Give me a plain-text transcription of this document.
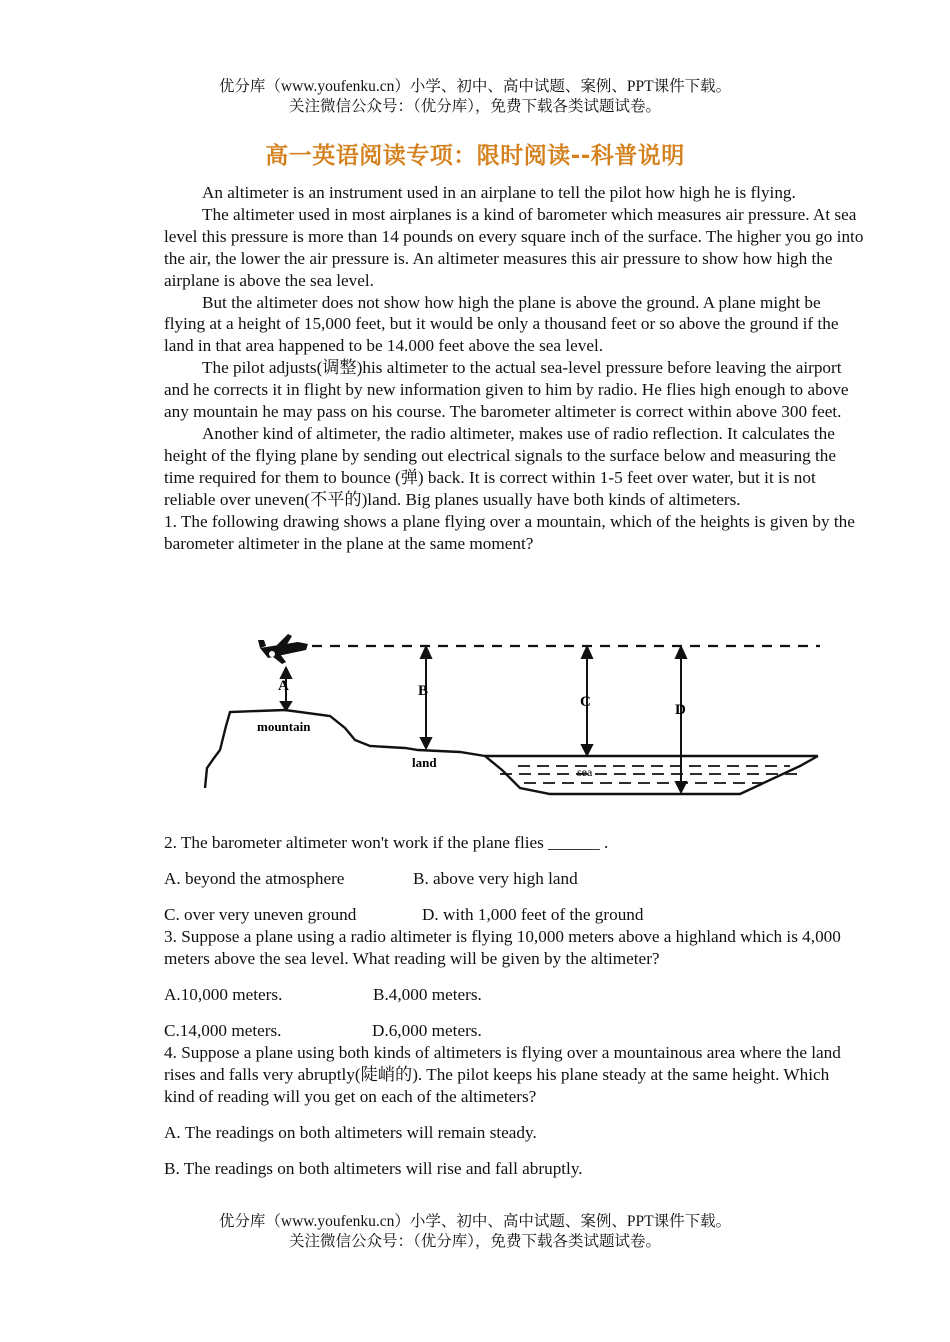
优分库（www.youfenku.cn）小学、初中、高中试题、案例、PPT课件下载。
关注微信公众号：（优分库），免费下载各类试题试卷。
高一英语阅读专项：限时阅读--科普说明

An altimeter is an instrument used in an airplane to tell the pilot how high he is flying.

The altimeter used in most airplanes is a kind of barometer which measures air pressure. At sea level this pressure is more than 14 pounds on every square inch of the surface. The higher you go into the air, the lower the air pressure is. An altimeter measures this air pressure to show how high the airplane is above the sea level.

But the altimeter does not show how high the plane is above the ground. A plane might be flying at a height of 15,000 feet, but it would be only a thousand feet or so above the ground if the land in that area happened to be 14.000 feet above the sea level.

The pilot adjusts(调整)his altimeter to the actual sea-level pressure before leaving the airport and he corrects it in flight by new information given to him by radio. He flies high enough to above any mountain he may pass on his course. The barometer altimeter is correct within above 300 feet.

Another kind of altimeter, the radio altimeter, makes use of radio reflection. It calculates the height of the flying plane by sending out electrical signals to the surface below and measuring the time required for them to bounce (弹) back. It is correct within 1-5 feet over water, but it is not reliable over uneven(不平的)land. Big planes usually have both kinds of altimeters.

1. The following drawing shows a plane flying over a mountain, which of the heights is given by the barometer altimeter in the plane at the same moment?

A	B
C	D
mountain
land
sea
2. The barometer altimeter won't work if the plane flies ______ .
A. beyond the atmosphere	B. above very high land
C. over very uneven ground	D. with 1,000 feet of the ground
3. Suppose a plane using a radio altimeter is flying 10,000 meters above a highland which is 4,000 meters above the sea level. What reading will be given by the altimeter?
A.10,000 meters.	B.4,000 meters.
C.14,000 meters.	D.6,000 meters.
4. Suppose a plane using both kinds of altimeters is flying over a mountainous area where the land rises and falls very abruptly(陡峭的). The pilot keeps his plane steady at the same height. Which kind of reading will you get on each of the altimeters?
A. The readings on both altimeters will remain steady.
B. The readings on both altimeters will rise and fall abruptly.
优分库（www.youfenku.cn）小学、初中、高中试题、案例、PPT课件下载。
关注微信公众号：（优分库），免费下载各类试题试卷。
